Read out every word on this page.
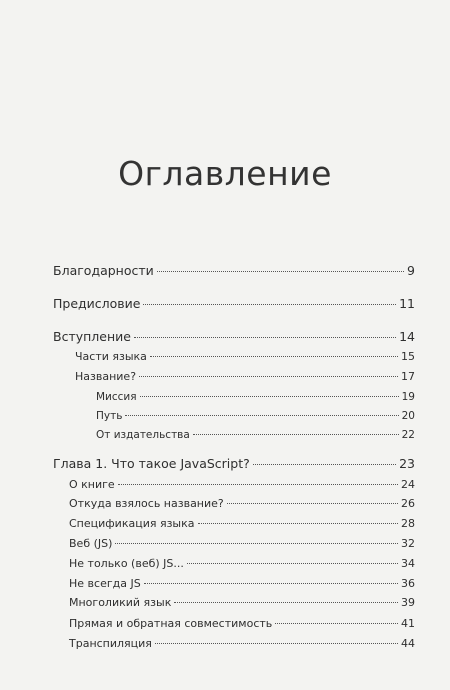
Оглавление
Благодарности	9
Предисловие	11
Вступление	14
Части языка	15
Название?	17
Миссия	19
Путь	20
От издательства	22
Глава 1. Что такое JavaScript?	23
О книге	24
Откуда взялось название?	26
Спецификация языка	28
Веб (JS)	32
Не только (веб) JS...	34
Не всегда JS	36
Многоликий язык	39
Прямая и обратная совместимость	41
Транспиляция	44
